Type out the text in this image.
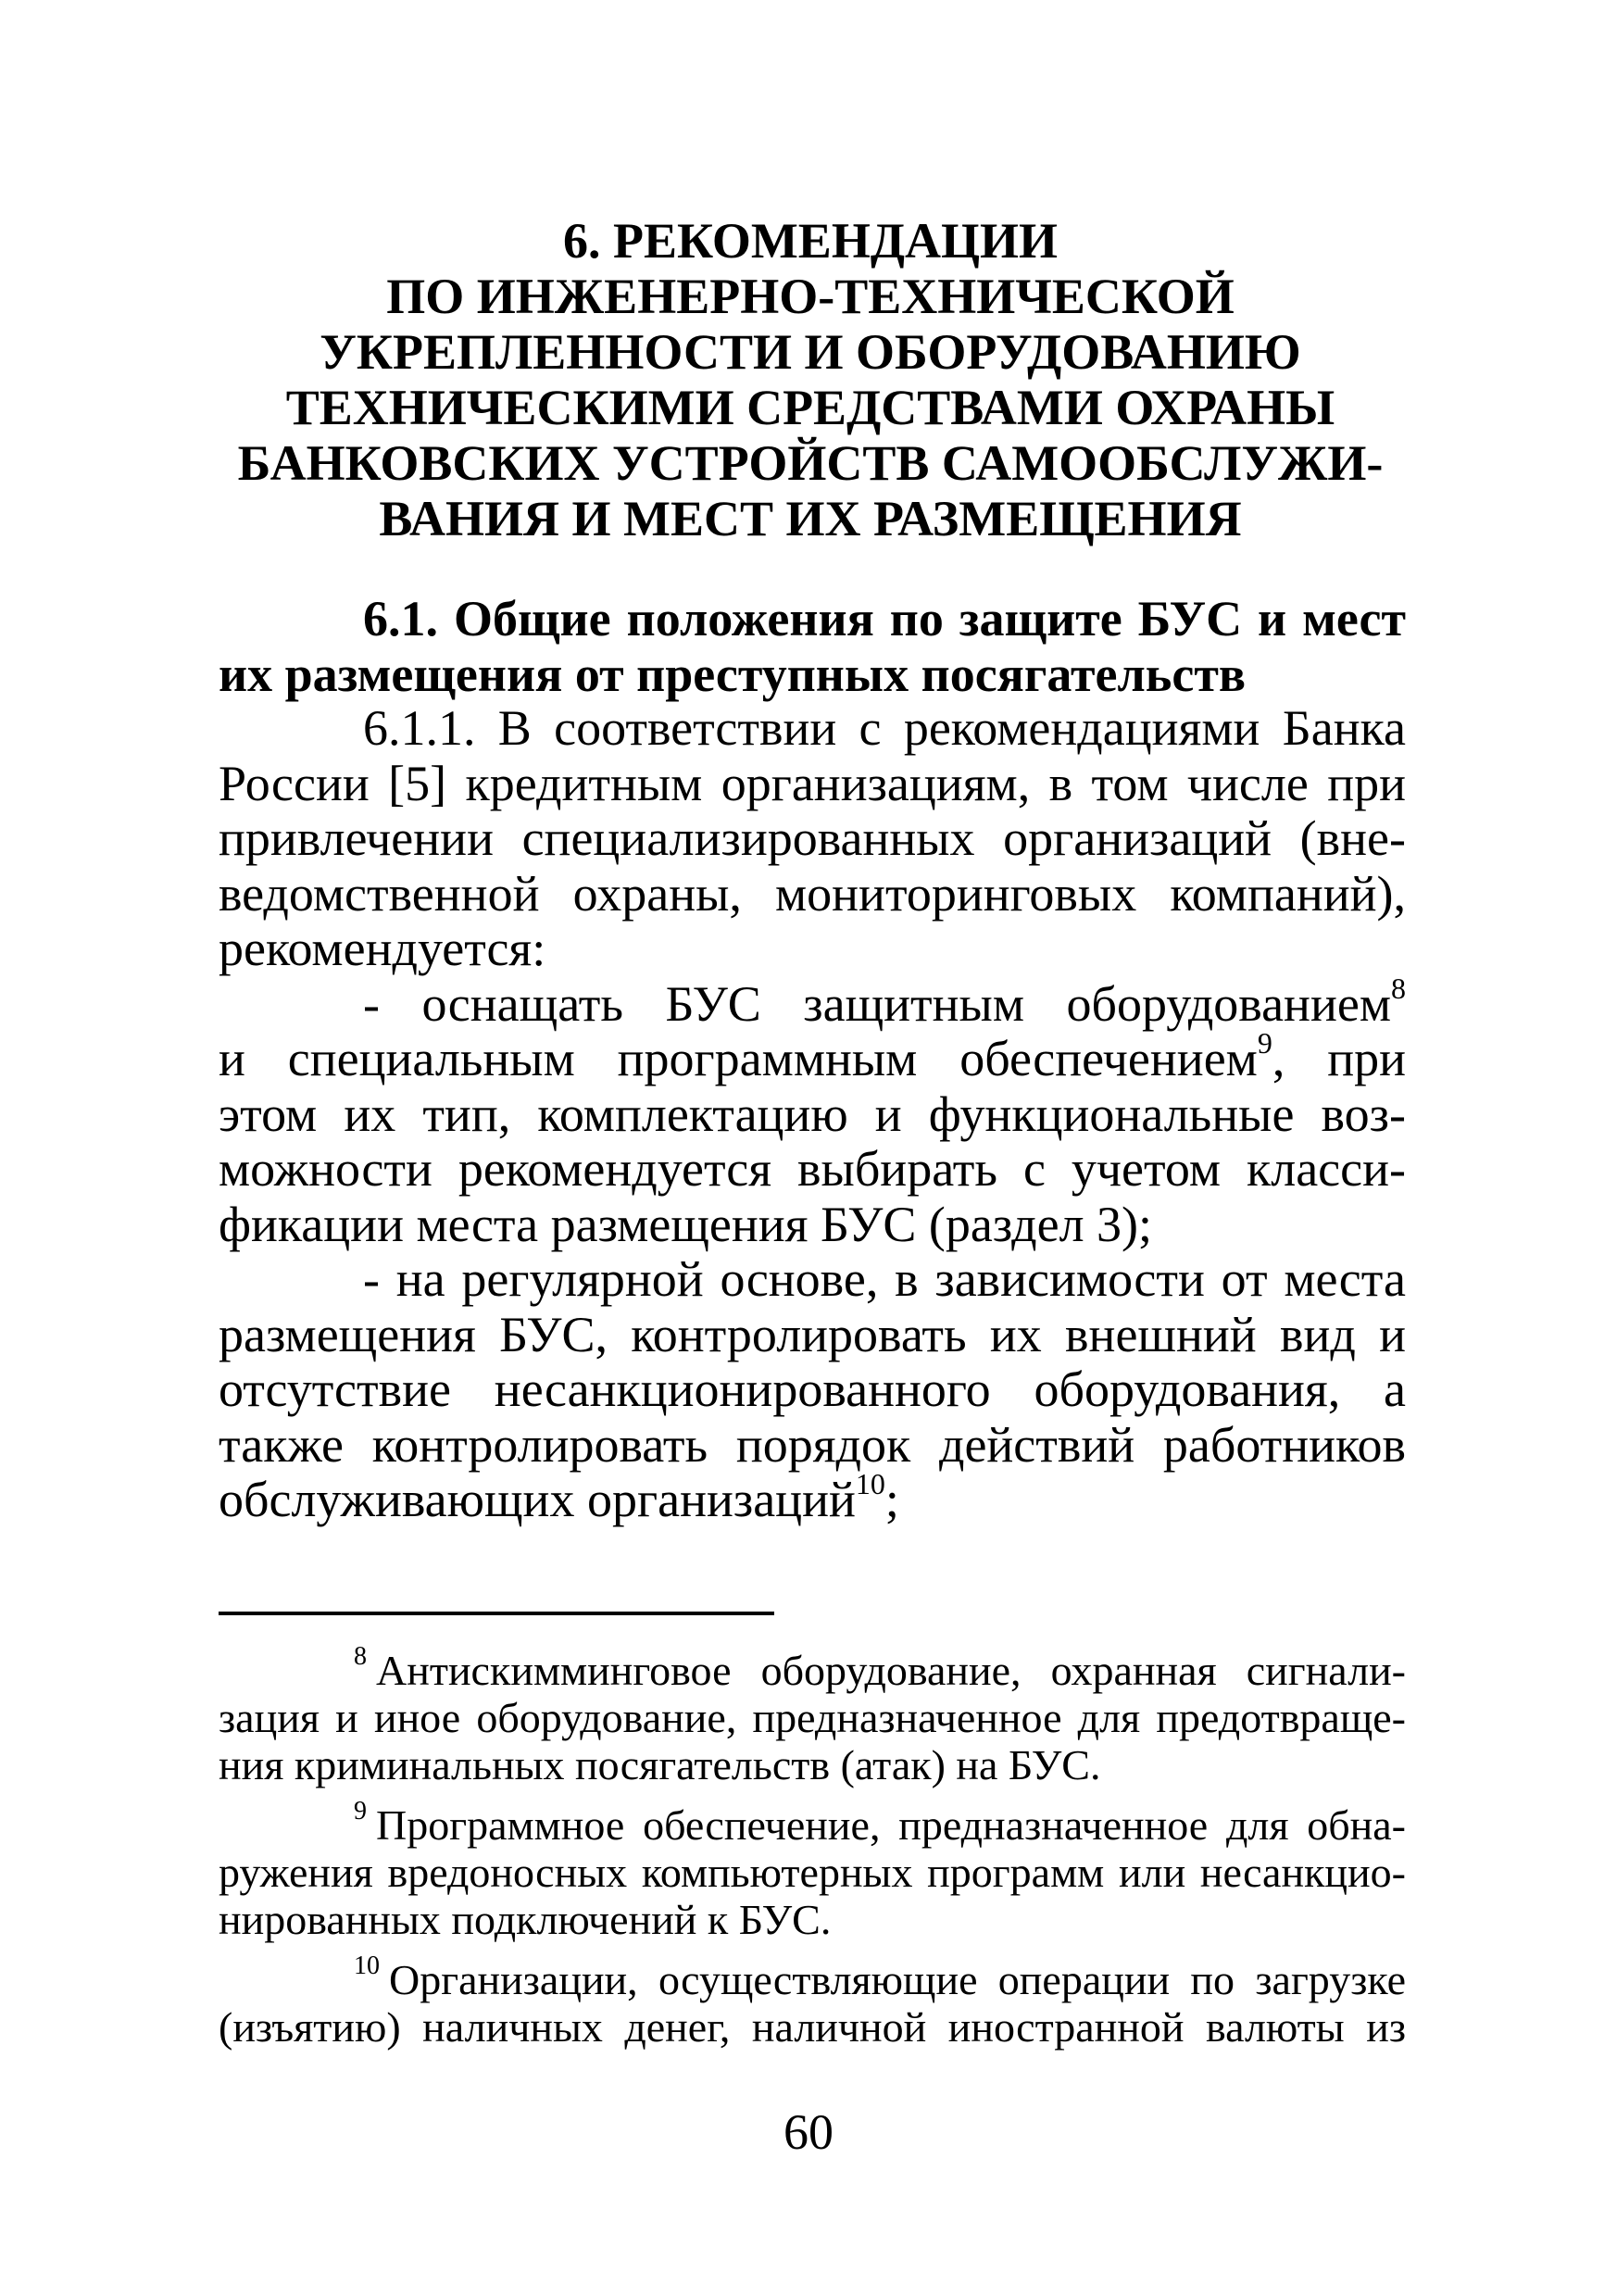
6. РЕКОМЕНДАЦИИ
ПО ИНЖЕНЕРНО-ТЕХНИЧЕСКОЙ
УКРЕПЛЕННОСТИ И ОБОРУДОВАНИЮ
ТЕХНИЧЕСКИМИ СРЕДСТВАМИ ОХРАНЫ
БАНКОВСКИХ УСТРОЙСТВ САМООБСЛУЖИ-
ВАНИЯ И МЕСТ ИХ РАЗМЕЩЕНИЯ
6.1. Общие положения по защите БУС и мест
их размещения от преступных посягательств
6.1.1. В соответствии с рекомендациями Банка
России [5] кредитным организациям, в том числе при
привлечении специализированных организаций (вне-
ведомственной охраны, мониторинговых компаний),
рекомендуется:
- оснащать БУС защитным оборудованием$^8$
и специальным программным обеспечением$^9$, при
этом их тип, комплектацию и функциональные воз-
можности рекомендуется выбирать с учетом класси-
фикации места размещения БУС (раздел 3);
- на регулярной основе, в зависимости от места
размещения БУС, контролировать их внешний вид и
отсутствие несанкционированного оборудования, а
также контролировать порядок действий работников
обслуживающих организаций$^{10}$;
$^8$ Антискимминговое оборудование, охранная сигнали-
зация и иное оборудование, предназначенное для предотвраще-
ния криминальных посягательств (атак) на БУС.
$^9$ Программное обеспечение, предназначенное для обна-
ружения вредоносных компьютерных программ или несанкцио-
нированных подключений к БУС.
$^{10}$ Организации, осуществляющие операции по загрузке
(изъятию) наличных денег, наличной иностранной валюты из
60
